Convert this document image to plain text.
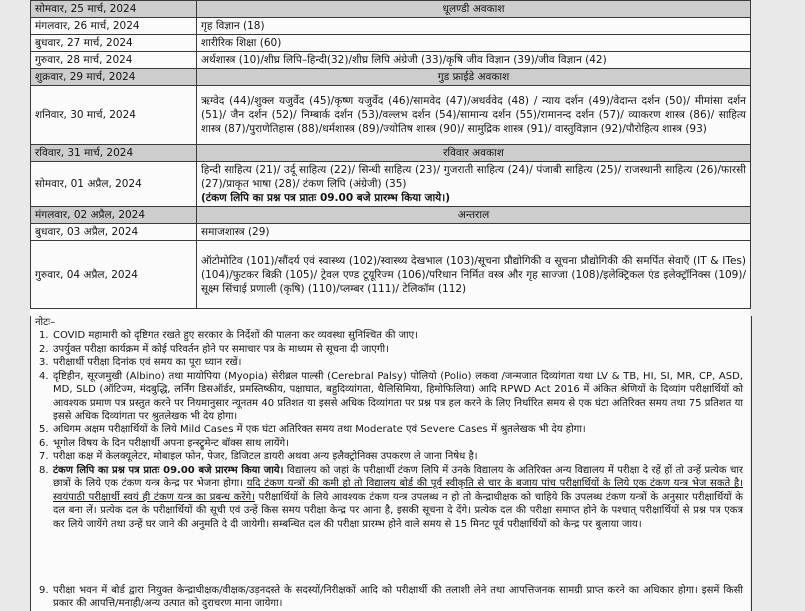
सोमवार, 25 मार्च, 2024	धूलण्डी अवकाश
मंगलवार, 26 मार्च, 2024	गृह विज्ञान (18)
बुधवार, 27 मार्च, 2024	शारीरिक शिक्षा (60)
गुरुवार, 28 मार्च, 2024	अर्थशास्त्र (10)/शीघ्र लिपि–हिन्दी(32)/शीघ्र लिपि अंग्रेजी (33)/कृषि जीव विज्ञान (39)/जीव विज्ञान (42)
शुक्रवार, 29 मार्च, 2024	गुड फ्राईडे अवकाश
शनिवार, 30 मार्च, 2024	ऋग्वेद (44)/शुक्ल यजुर्वेद (45)/कृष्ण यजुर्वेद (46)/सामवेद (47)/अथर्ववेद (48) / न्याय दर्शन (49)/वेदान्त दर्शन (50)/ मीमांसा दर्शन (51)/ जैन दर्शन (52)/ निम्बार्क दर्शन (53)/वल्लभ दर्शन (54)/सामान्य दर्शन (55)/रामानन्द दर्शन (57)/ व्याकरण शास्त्र (86)/ साहित्य शास्त्र (87)/पुराणेतिहास (88)/धर्मशास्त्र (89)/ज्योतिष शास्त्र (90)/ सामुद्रिक शास्त्र (91)/ वास्तुविज्ञान (92)/पौरोहित्य शास्त्र (93)
रविवार, 31 मार्च, 2024	रविवार अवकाश
सोमवार, 01 अप्रैल, 2024	हिन्दी साहित्य (21)/ उर्दू साहित्य (22)/ सिन्धी साहित्य (23)/ गुजराती साहित्य (24)/ पंजाबी साहित्य (25)/ राजस्थानी साहित्य (26)/फारसी (27)/प्राकृत भाषा (28)/ टंकण लिपि (अंग्रेजी) (35)
(टंकण लिपि का प्रश्न पत्र प्रातः 09.00 बजे प्रारम्भ किया जाये।)
मंगलवार, 02 अप्रैल, 2024	अन्तराल
बुधवार, 03 अप्रैल, 2024	समाजशास्त्र (29)
गुरुवार, 04 अप्रैल, 2024	ऑटोमोटिव (101)/सौंदर्य एवं स्वास्थ्य (102)/स्वास्थ्य देखभाल (103)/सूचना प्रौद्योगिकी व सूचना प्रौद्योगिकी की समर्पित सेवाएँ (IT & ITes)(104)/फुटकर बिक्री (105)/ ट्रेवल एण्ड टूयूरिज्म (106)/परिधान निर्मित वस्त्र और गृह साज्जा (108)/इलेक्ट्रिकल एंड इलेक्ट्रॉनिक्स (109)/सूक्ष्म सिंचाई प्रणाली (कृषि) (110)/प्लम्बर (111)/ टेलिकॉम (112)
नोटः–
1. COVID महामारी को दृष्टिगत रखते हुए सरकार के निर्देशों की पालना कर व्यवस्था सुनिश्चित की जाए।
2. उपर्युक्त परीक्षा कार्यक्रम में कोई परिवर्तन होने पर समाचार पत्र के माध्यम से सूचना दी जाएगी।
3. परीक्षार्थी परीक्षा दिनांक एवं समय का पूरा ध्यान रखें।
4. दृष्टिहीन, सूरजमुखी (Albino) तथा मायोपिया (Myopia) सेरीब्रल पाल्सी (Cerebral Palsy) पोलियो (Polio) लकवा /जन्मजात दिव्यांगता यथा LV & TB, HI, SI, MR, CP, ASD, MD, SLD (ऑटिज्म, मंदबुद्धि, लर्निंग डिसऑर्डर, प्रमस्तिष्कीय, पक्षाघात, बहुदिव्यांगता, थैलिसिमिया, हिमोफिलिया) आदि RPWD Act 2016 में अंकित श्रेणियों के दिव्यांग परीक्षार्थियों को आवश्यक प्रमाण पत्र प्रस्तुत करने पर नियमानुसार न्यूनतम 40 प्रतिशत या इससे अधिक दिव्यांगता पर प्रश्न पत्र हल करने के लिए निर्धारित समय से एक घंटा अतिरिक्त समय तथा 75 प्रतिशत या इससे अधिक दिव्यांगता पर श्रुतलेखक भी देय होगा।
5. अधिगम अक्षम परीक्षार्थियों के लिये Mild Cases में एक घंटा अतिरिक्त समय तथा Moderate एवं Severe Cases में श्रुतलेखक भी देय होगा।
6. भूगोल विषय के दिन परीक्षार्थी अपना इन्स्ट्रूमेन्ट बॉक्स साथ लायेंगे।
7. परीक्षा कक्ष में केलक्यूलेटर, मोबाइल फोन, पेजर, डिजिटल डायरी अथवा अन्य इलैक्ट्रोनिक्स उपकरण ले जाना निषेध है।
8. टंकण लिपि का प्रश्न पत्र प्रातः 09.00 बजे प्रारम्भ किया जाये। विद्यालय को जहां के परीक्षार्थी टंकण लिपि में उनके विद्यालय के अतिरिक्त अन्य विद्यालय में परीक्षा दे रहें हों तो उन्हें प्रत्येक चार छात्रों के लिये एक टंकण यन्त्र केन्द्र पर भेजना होगा। यदि टंकण यन्त्रों की कमी हो तो विद्यालय बोर्ड की पूर्व स्वीकृति से चार के बजाय पांच परीक्षार्थियों के लिये एक टंकण यन्त्र भेज सकते है। स्वयंपाठी परीक्षार्थी स्वयं ही टंकण यन्त्र का प्रबन्ध करेंगे। परीक्षार्थियों के लिये आवश्यक टंकण यन्त्र उपलब्ध न हो तो केन्द्राधीक्षक को चाहिये कि उपलब्ध टंकण यन्त्रों के अनुसार परीक्षार्थियों के दल बना लें। प्रत्येक दल के परीक्षार्थियों की सूची एवं उन्हें किस समय परीक्षा केन्द्र पर आना है, इसकी सूचना दे देंगे। प्रत्येक दल की परीक्षा समाप्त होने के पश्चात् परीक्षार्थियों से प्रश्न पत्र एकत्र कर लिये जायेंगे तथा उन्हें घर जाने की अनुमति दे दी जायेगी। सम्बन्धित दल की परीक्षा प्रारम्भ होने वाले समय से 15 मिनट पूर्व परीक्षार्थियों को केन्द्र पर बुलाया जाय।
9. परीक्षा भवन में बोर्ड द्वारा नियुक्त केन्द्राधीक्षक/वीक्षक/उड़नदस्ते के सदस्यों/निरीक्षकों आदि को परीक्षार्थी की तलाशी लेने तथा आपत्तिजनक सामग्री प्राप्त करने का अधिकार होगा। इसमें किसी प्रकार की आपत्ति/मनाही/अन्य उत्पात को दुराचरण माना जायेगा।
